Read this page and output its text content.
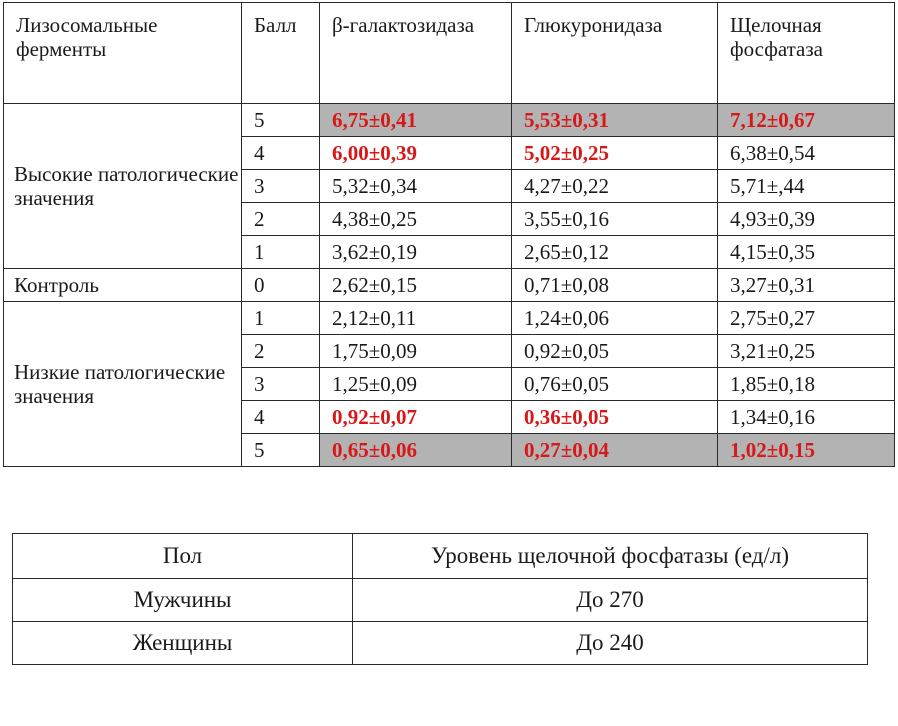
Лизосомальные ферменты	Балл	β-галактозидаза	Глюкуронидаза	Щелочная фосфатаза
Высокие патологические значения	5	6,75±0,41	5,53±0,31	7,12±0,67
	4	6,00±0,39	5,02±0,25	6,38±0,54
	3	5,32±0,34	4,27±0,22	5,71±,44
	2	4,38±0,25	3,55±0,16	4,93±0,39
	1	3,62±0,19	2,65±0,12	4,15±0,35
Контроль	0	2,62±0,15	0,71±0,08	3,27±0,31
Низкие патологические значения	1	2,12±0,11	1,24±0,06	2,75±0,27
	2	1,75±0,09	0,92±0,05	3,21±0,25
	3	1,25±0,09	0,76±0,05	1,85±0,18
	4	0,92±0,07	0,36±0,05	1,34±0,16
	5	0,65±0,06	0,27±0,04	1,02±0,15
Пол	Уровень щелочной фосфатазы (ед/л)
Мужчины	До 270
Женщины	До 240
